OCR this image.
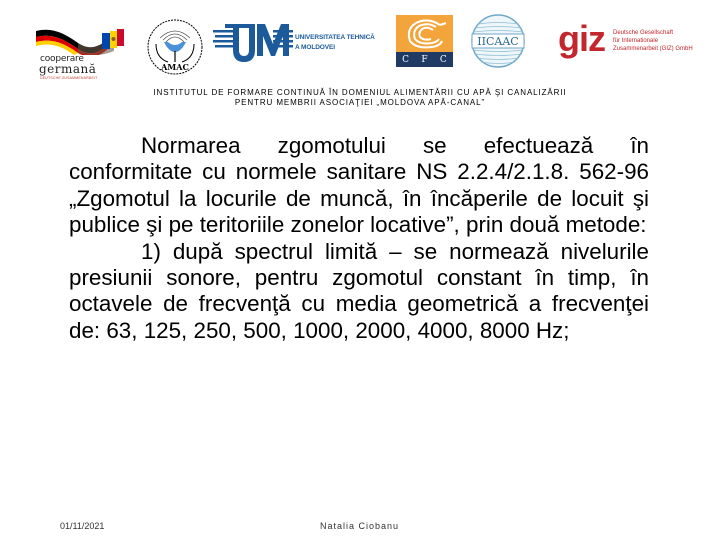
cooperare
germană
DEUTSCHE ZUSAMMENARBEIT
AMAC
UNIVERSITATEA TEHNICĂ
A MOLDOVEI
C F C
IICAAC giz Deutsche Gesellschaft
für Internationale
Zusammenarbeit (GIZ) GmbH
INSTITUTUL DE FORMARE CONTINUĂ ÎN DOMENIUL ALIMENTĂRII CU APĂ ŞI CANALIZĂRII
PENTRU MEMBRII ASOCIAŢIEI „MOLDOVA APĂ-CANAL”

Normarea zgomotului se efectuează în conformitate cu normele sanitare NS 2.2.4/2.1.8. 562-96 „Zgomotul la locurile de muncă, în încăperile de locuit şi publice şi pe teritoriile zonelor locative”, prin două metode:

1) după spectrul limită – se normează nivelurile presiunii sonore, pentru zgomotul constant în timp, în octavele de frecvenţă cu media geometrică a frecvenţei de: 63, 125, 250, 500, 1000, 2000, 4000, 8000 Hz;

01/11/2021	Natalia Ciobanu
